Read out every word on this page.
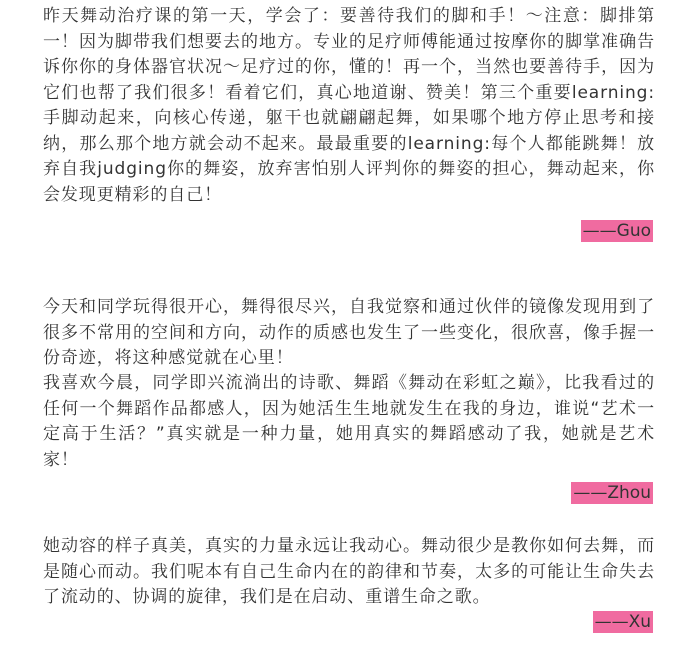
昨天舞动治疗课的第一天，学会了：要善待我们的脚和手！〜注意：脚排第一！因为脚带我们想要去的地方。专业的足疗师傅能通过按摩你的脚掌准确告诉你你的身体器官状况〜足疗过的你，懂的！再一个，当然也要善待手，因为它们也帮了我们很多！看着它们，真心地道谢、赞美！第三个重要learning:手脚动起来，向核心传递，躯干也就翩翩起舞，如果哪个地方停止思考和接纳，那么那个地方就会动不起来。最最重要的learning:每个人都能跳舞！放弃自我judging你的舞姿，放弃害怕别人评判你的舞姿的担心，舞动起来，你会发现更精彩的自己！

——Guo

今天和同学玩得很开心，舞得很尽兴，自我觉察和通过伙伴的镜像发现用到了很多不常用的空间和方向，动作的质感也发生了一些变化，很欣喜，像手握一份奇迹，将这种感觉就在心里！

我喜欢今晨，同学即兴流淌出的诗歌、舞蹈《舞动在彩虹之巅》，比我看过的任何一个舞蹈作品都感人，因为她活生生地就发生在我的身边，谁说“艺术一定高于生活？”真实就是一种力量，她用真实的舞蹈感动了我，她就是艺术家！

——Zhou

她动容的样子真美，真实的力量永远让我动心。舞动很少是教你如何去舞，而是随心而动。我们呢本有自己生命内在的韵律和节奏，太多的可能让生命失去了流动的、协调的旋律，我们是在启动、重谱生命之歌。

——Xu
